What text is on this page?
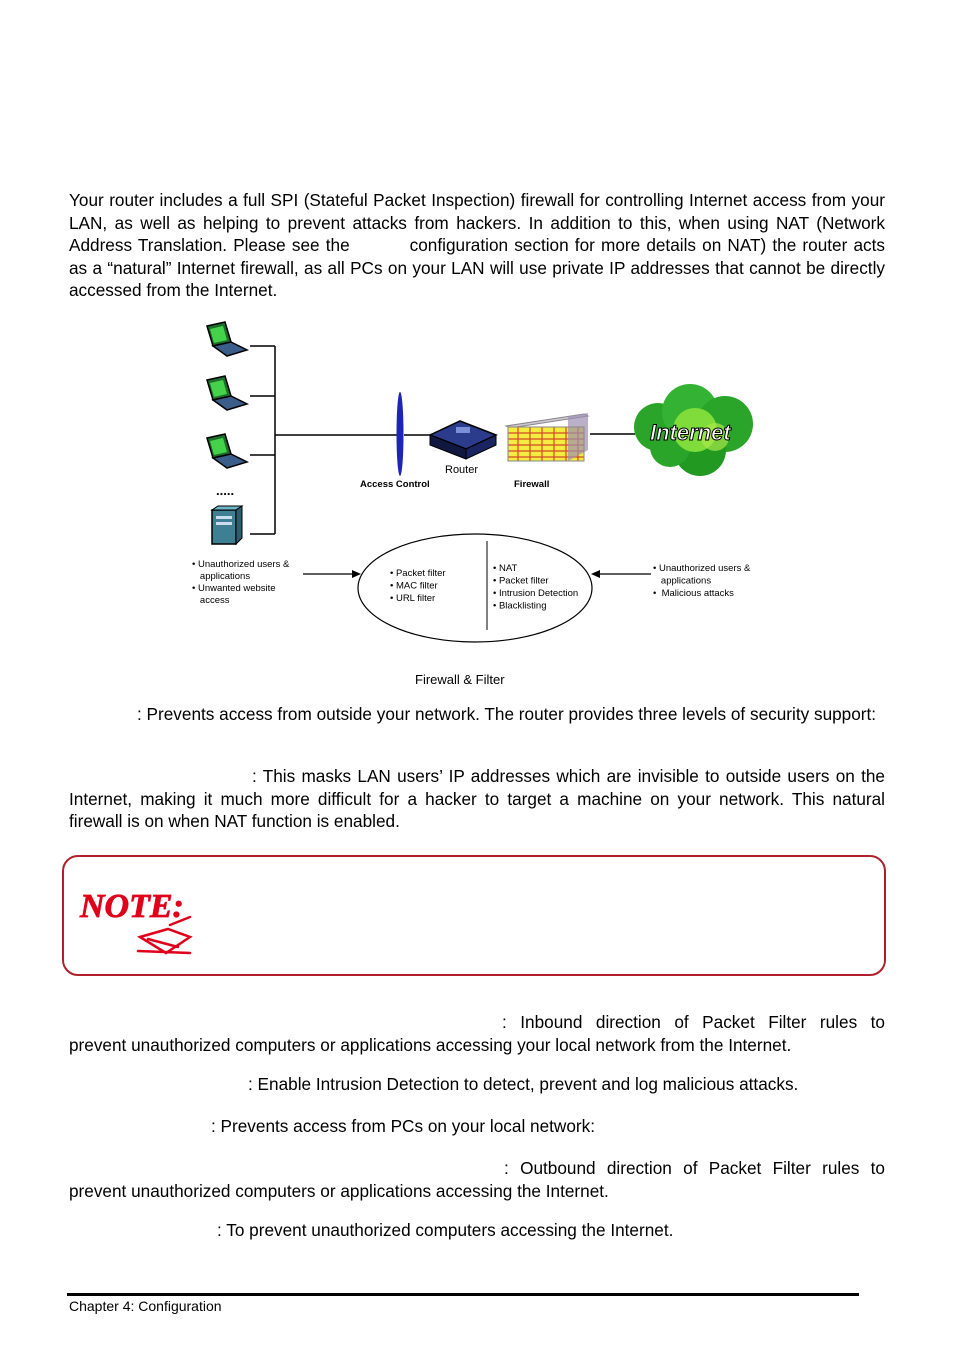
Your router includes a full SPI (Stateful Packet Inspection) firewall for controlling Internet access from your LAN, as well as helping to prevent attacks from hackers. In addition to this, when using NAT (Network Address Translation. Please see the	configuration section for more details on NAT) the router acts as a “natural” Internet firewall, as all PCs on your LAN will use private IP addresses that cannot be directly accessed from the Internet.
.....	Access Control
Router
Firewall
Internet
• Unauthorized users &
applications
• Unwanted website
access
• Packet filter
• MAC filter
• URL filter
• NAT
• Packet filter
• Intrusion Detection
• Blacklisting
• Unauthorized users &
applications
•  Malicious attacks
Firewall & Filter
: Prevents access from outside your network. The router provides three levels of security support:
: This masks LAN users’ IP addresses which are invisible to outside users on the Internet, making it much more difficult for a hacker to target a machine on your network. This natural firewall is on when NAT function is enabled.
NOTE:
: Inbound direction of Packet Filter rules to prevent unauthorized computers or applications accessing your local network from the Internet.
: Enable Intrusion Detection to detect, prevent and log malicious attacks.
: Prevents access from PCs on your local network:
: Outbound direction of Packet Filter rules to prevent unauthorized computers or applications accessing the Internet.
: To prevent unauthorized computers accessing the Internet.
Chapter 4: Configuration
